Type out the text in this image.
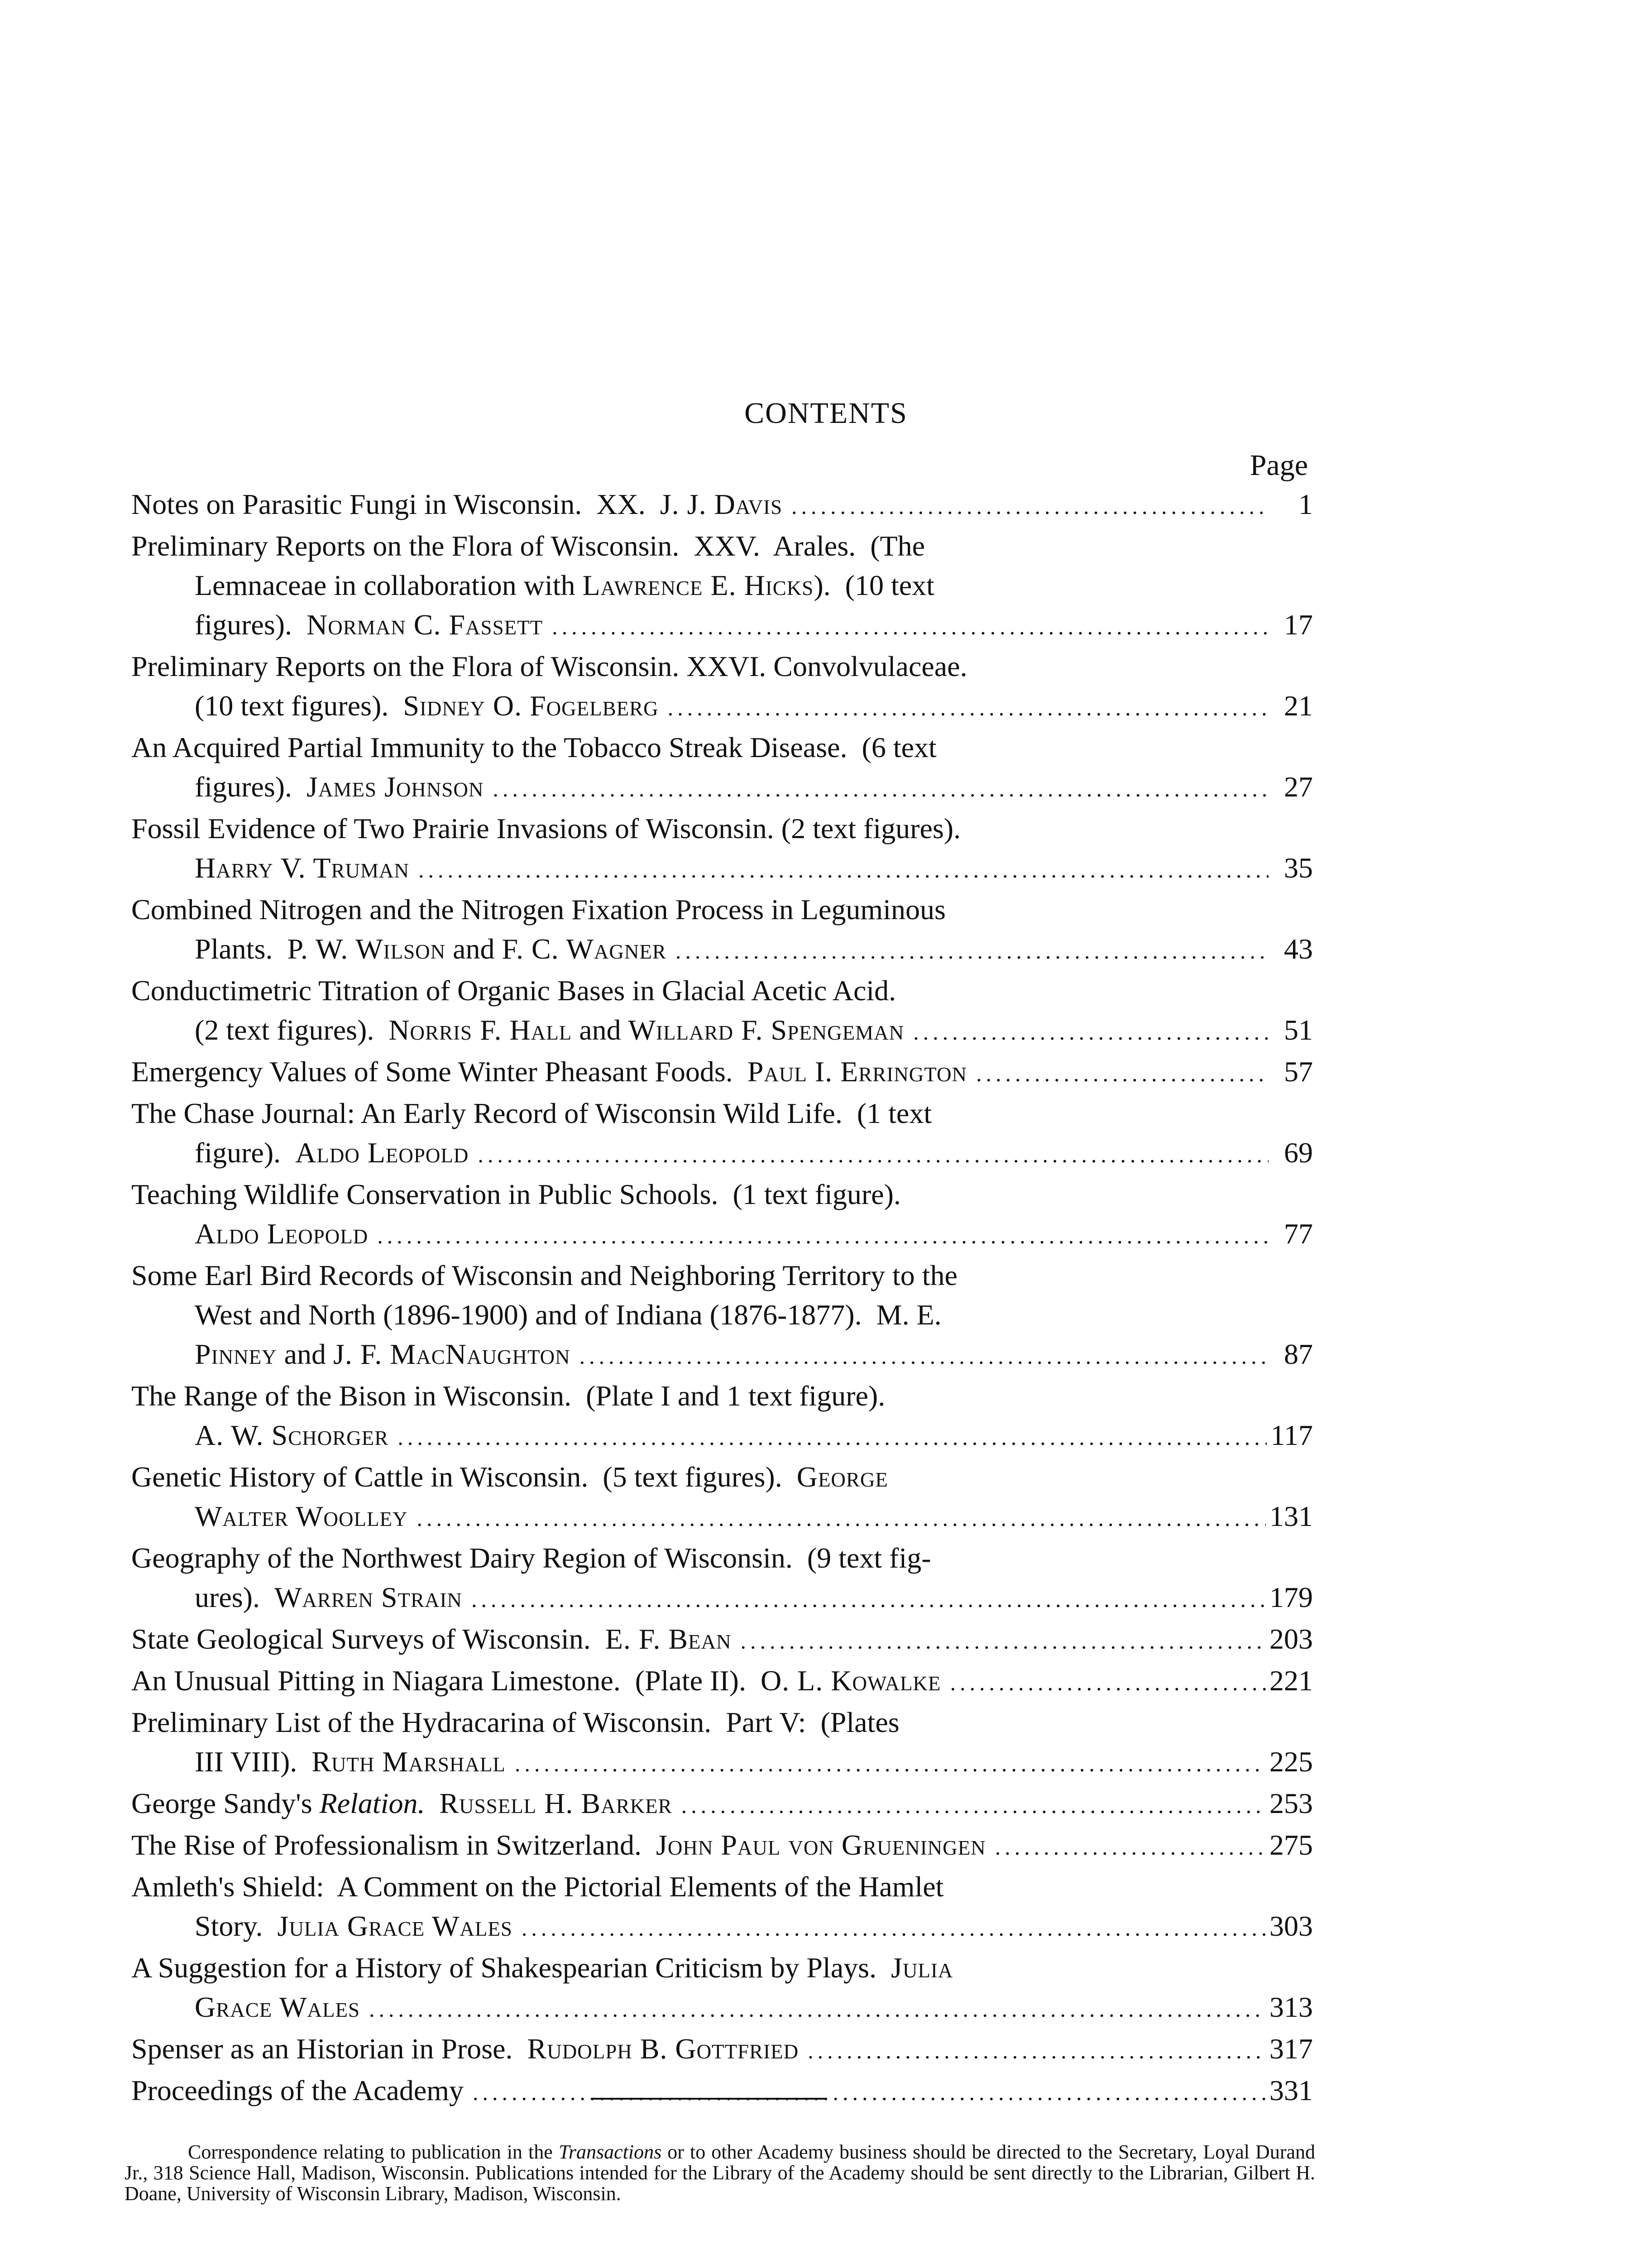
CONTENTS
Page
Notes on Parasitic Fungi in Wisconsin.  XX.  J. J. Davis .....	1
Preliminary Reports on the Flora of Wisconsin.  XXV.  Arales.  (The
Lemnaceae in collaboration with Lawrence E. Hicks).  (10 text
figures).  Norman C. Fassett .....	17
Preliminary Reports on the Flora of Wisconsin. XXVI. Convolvulaceae.
(10 text figures).  Sidney O. Fogelberg .....	21
An Acquired Partial Immunity to the Tobacco Streak Disease.  (6 text
figures).  James Johnson .....	27
Fossil Evidence of Two Prairie Invasions of Wisconsin. (2 text figures).
Harry V. Truman .....	35
Combined Nitrogen and the Nitrogen Fixation Process in Leguminous
Plants.  P. W. Wilson and F. C. Wagner .....	43
Conductimetric Titration of Organic Bases in Glacial Acetic Acid.
(2 text figures).  Norris F. Hall and Willard F. Spengeman .....	51
Emergency Values of Some Winter Pheasant Foods.  Paul I. Errington .....	57
The Chase Journal: An Early Record of Wisconsin Wild Life.  (1 text
figure).  Aldo Leopold .....	69
Teaching Wildlife Conservation in Public Schools.  (1 text figure).
Aldo Leopold .....	77
Some Earl Bird Records of Wisconsin and Neighboring Territory to the
West and North (1896-1900) and of Indiana (1876-1877).  M. E.
Pinney and J. F. MacNaughton .....	87
The Range of the Bison in Wisconsin.  (Plate I and 1 text figure).
A. W. Schorger .....	117
Genetic History of Cattle in Wisconsin.  (5 text figures).  George
Walter Woolley .....	131
Geography of the Northwest Dairy Region of Wisconsin.  (9 text fig-
ures).  Warren Strain .....	179
State Geological Surveys of Wisconsin.  E. F. Bean .....	203
An Unusual Pitting in Niagara Limestone.  (Plate II).  O. L. Kowalke .....	221
Preliminary List of the Hydracarina of Wisconsin.  Part V:  (Plates
III VIII).  Ruth Marshall .....	225
George Sandy's Relation. Russell H. Barker .....	253
The Rise of Professionalism in Switzerland.  John Paul von Grueningen .....	275
Amleth's Shield:  A Comment on the Pictorial Elements of the Hamlet
Story.  Julia Grace Wales .....	303
A Suggestion for a History of Shakespearian Criticism by Plays.  Julia
Grace Wales .....	313
Spenser as an Historian in Prose.  Rudolph B. Gottfried .....	317
Proceedings of the Academy .....	331

Correspondence relating to publication in the Transactions or to other Academy business should be directed to the Secretary, Loyal Durand Jr., 318 Science Hall, Madison, Wisconsin. Publications intended for the Library of the Academy should be sent directly to the Librarian, Gilbert H. Doane, University of Wisconsin Library, Madison, Wisconsin.
